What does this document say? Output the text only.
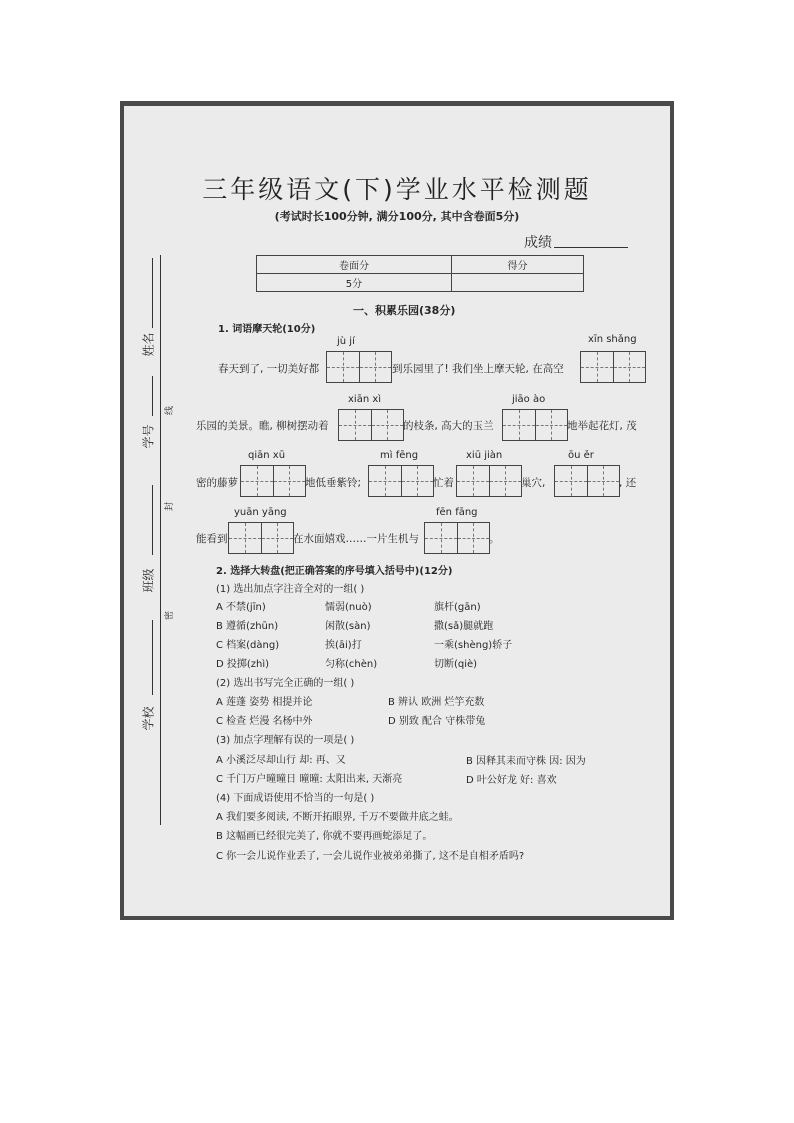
姓名
学号
班级
学校
线
封
密
三年级语文(下)学业水平检测题
(考试时长100分钟, 满分100分, 其中含卷面5分)
成绩
卷面分	得分
5分	
一、积累乐园(38分)
1. 词语摩天轮(10分)
jù jí	xīn shǎng
xiān xì	jiāo ào
qiān xū	mì fēng	xiū jiàn	ōu ěr
yuān yāng	fēn fāng
春天到了, 一切美好都	到乐园里了! 我们坐上摩天轮, 在高空
乐园的美景。瞧, 柳树摆动着	的枝条, 高大的玉兰	地举起花灯, 茂
密的藤萝	地低垂紫铃;	忙着	巢穴,	, 还
能看到	在水面嬉戏……一片生机与	。
2. 选择大转盘(把正确答案的序号填入括号中)(12分)
(1) 选出加点字注音全对的一组( )
A 不禁(jīn)	懦弱(nuò)	旗杆(gān)
B 遵循(zhūn)	闲散(sàn)	撒(sǎ)腿就跑
C 档案(dàng)	挨(āi)打	一乘(shèng)轿子
D 投掷(zhì)	匀称(chèn)	切断(qiè)
(2) 选出书写完全正确的一组( )
A 莲蓬 姿势 相提并论	B 辨认 欧洲 烂竽充数
C 检查 烂漫 名杨中外	D 别致 配合 守株带兔
(3) 加点字理解有误的一项是( )
A 小溪泛尽却山行 却: 再、又	B 因释其耒而守株 因: 因为
C 千门万户曈曈日 曈曈: 太阳出来, 天渐亮	D 叶公好龙 好: 喜欢
(4) 下面成语使用不恰当的一句是( )
A 我们要多阅读, 不断开拓眼界, 千万不要做井底之蛙。
B 这幅画已经很完美了, 你就不要再画蛇添足了。
C 你一会儿说作业丢了, 一会儿说作业被弟弟撕了, 这不是自相矛盾吗?
